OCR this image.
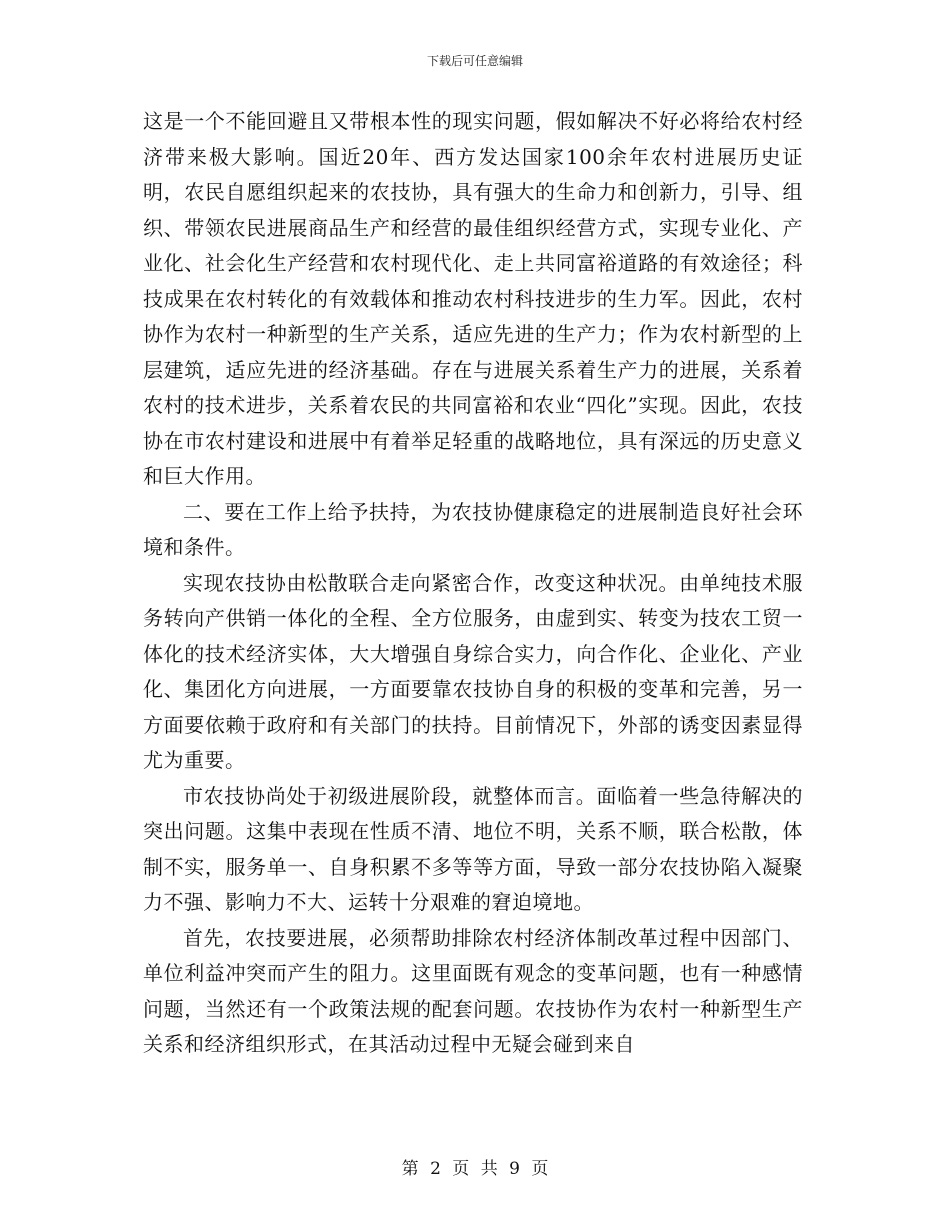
下载后可任意编辑

这是一个不能回避且又带根本性的现实问题，假如解决不好必将给农村经济带来极大影响。国近20年、西方发达国家100余年农村进展历史证明，农民自愿组织起来的农技协，具有强大的生命力和创新力，引导、组织、带领农民进展商品生产和经营的最佳组织经营方式，实现专业化、产业化、社会化生产经营和农村现代化、走上共同富裕道路的有效途径；科技成果在农村转化的有效载体和推动农村科技进步的生力军。因此，农村协作为农村一种新型的生产关系，适应先进的生产力；作为农村新型的上层建筑，适应先进的经济基础。存在与进展关系着生产力的进展，关系着农村的技术进步，关系着农民的共同富裕和农业“四化”实现。因此，农技协在市农村建设和进展中有着举足轻重的战略地位，具有深远的历史意义和巨大作用。

二、要在工作上给予扶持，为农技协健康稳定的进展制造良好社会环境和条件。

实现农技协由松散联合走向紧密合作，改变这种状况。由单纯技术服务转向产供销一体化的全程、全方位服务，由虚到实、转变为技农工贸一体化的技术经济实体，大大增强自身综合实力，向合作化、企业化、产业化、集团化方向进展，一方面要靠农技协自身的积极的变革和完善，另一方面要依赖于政府和有关部门的扶持。目前情况下，外部的诱变因素显得尤为重要。

市农技协尚处于初级进展阶段，就整体而言。面临着一些急待解决的突出问题。这集中表现在性质不清、地位不明，关系不顺，联合松散，体制不实，服务单一、自身积累不多等等方面，导致一部分农技协陷入凝聚力不强、影响力不大、运转十分艰难的窘迫境地。

首先，农技要进展，必须帮助排除农村经济体制改革过程中因部门、单位利益冲突而产生的阻力。这里面既有观念的变革问题，也有一种感情问题，当然还有一个政策法规的配套问题。农技协作为农村一种新型生产关系和经济组织形式，在其活动过程中无疑会碰到来自

第 2 页 共 9 页
